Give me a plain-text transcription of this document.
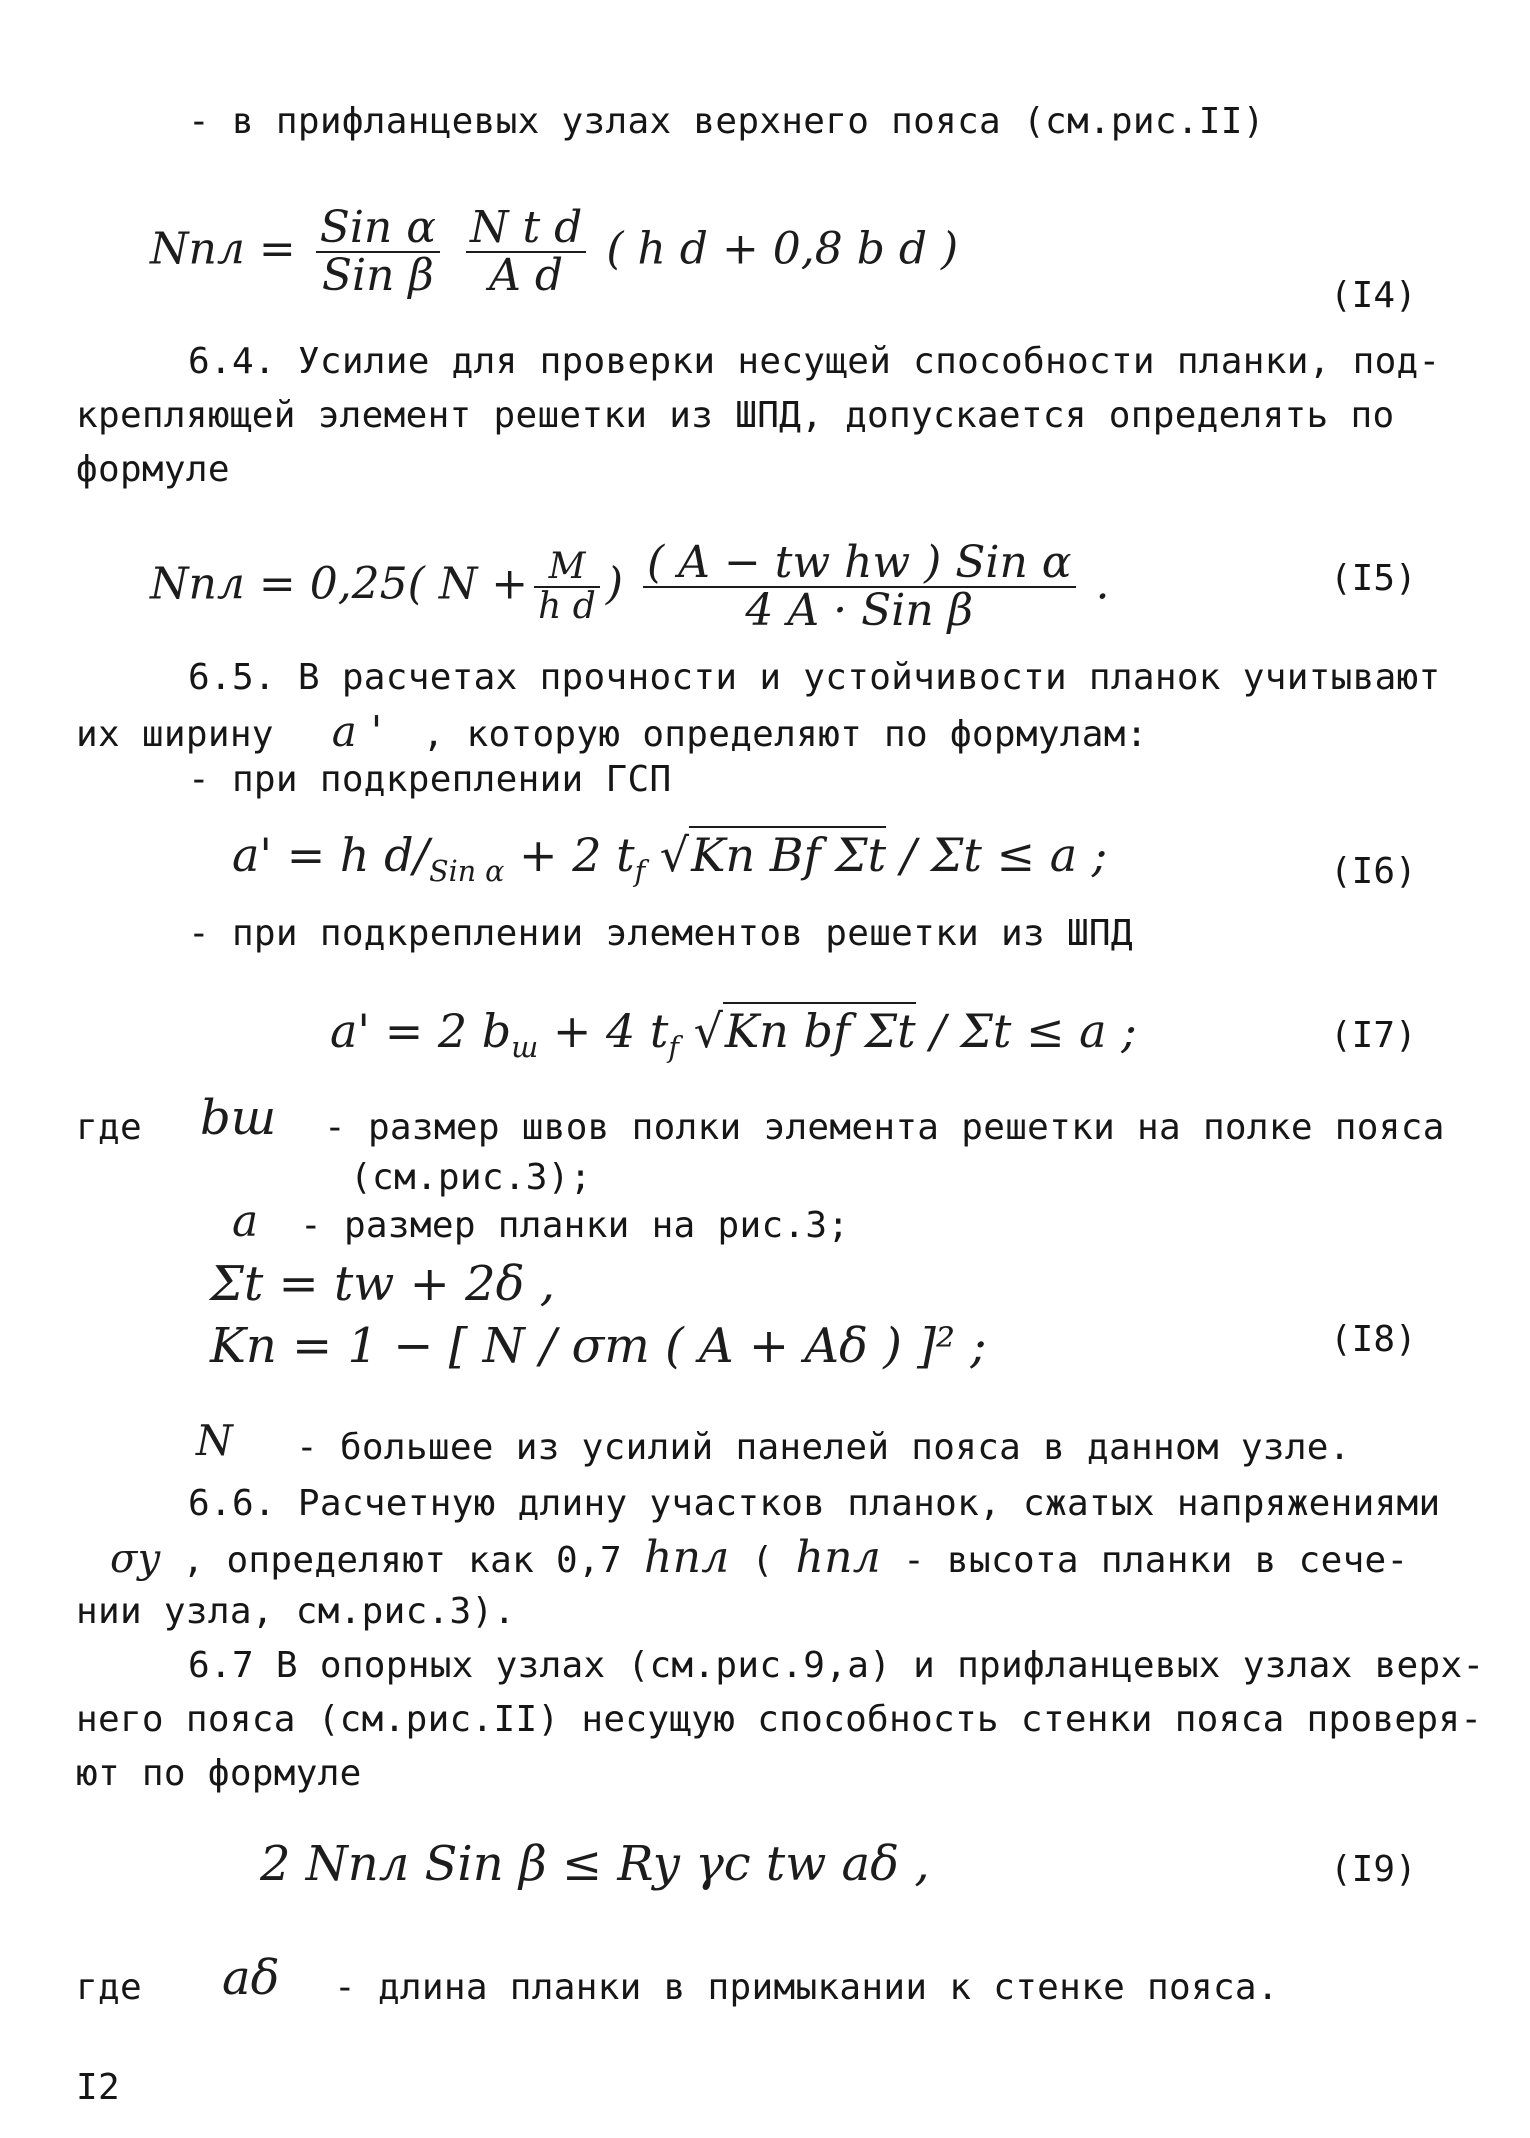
- в прифланцевых узлах верхнего пояса (см.рис.II)
Nпл = $\frac{\text{Sin α}}{\text{Sin β}}$
$\frac{\text{N t d}}{\text{A d}}$ ( h d + 0,8 b d )
(I4)
6.4. Усилие для проверки несущей способности планки, под-
крепляющей элемент решетки из ШПД, допускается определять по
формуле
Nпл = 0,25( $N + \frac{M}{\text{h d}}$ ) $\frac{\text{( A − tw hw ) Sin α}}{\text{4 A · Sin β}}$ .	(I5)
6.5. В расчетах прочности и устойчивости планок учитывают
их ширину a ' , которую определяют по формулам:
- при подкреплении ГСП
a' = h $d/_{Sin \alpha} + 2$ $t_f$ √Kn Bf Σt / Σt ≤ a ;	(I6)
- при подкреплении элементов решетки из ШПД
a' = 2 $b_ш + 4$ $t_f$ √Kn bf Σt / Σt ≤ a ;	(I7)
где bш - размер швов полки элемента решетки на полке пояса
(см.рис.3);
a - размер планки на рис.3;
Σt = tw + 2δ ,
Kn = 1 − [ N / σт ( A + Aδ ) ]² ;	(I8)
N - большее из усилий панелей пояса в данном узле.
6.6. Расчетную длину участков планок, сжатых напряжениями
σy , определяют как 0,7 hпл ( hпл - высота планки в сече-
нии узла, см.рис.3).
6.7 В опорных узлах (см.рис.9,а) и прифланцевых узлах верх-
него пояса (см.рис.II) несущую способность стенки пояса проверя-
ют по формуле
2 Nпл Sin β ≤ Ry γc tw aδ ,	(I9)
где aδ - длина планки в примыкании к стенке пояса.
I2
